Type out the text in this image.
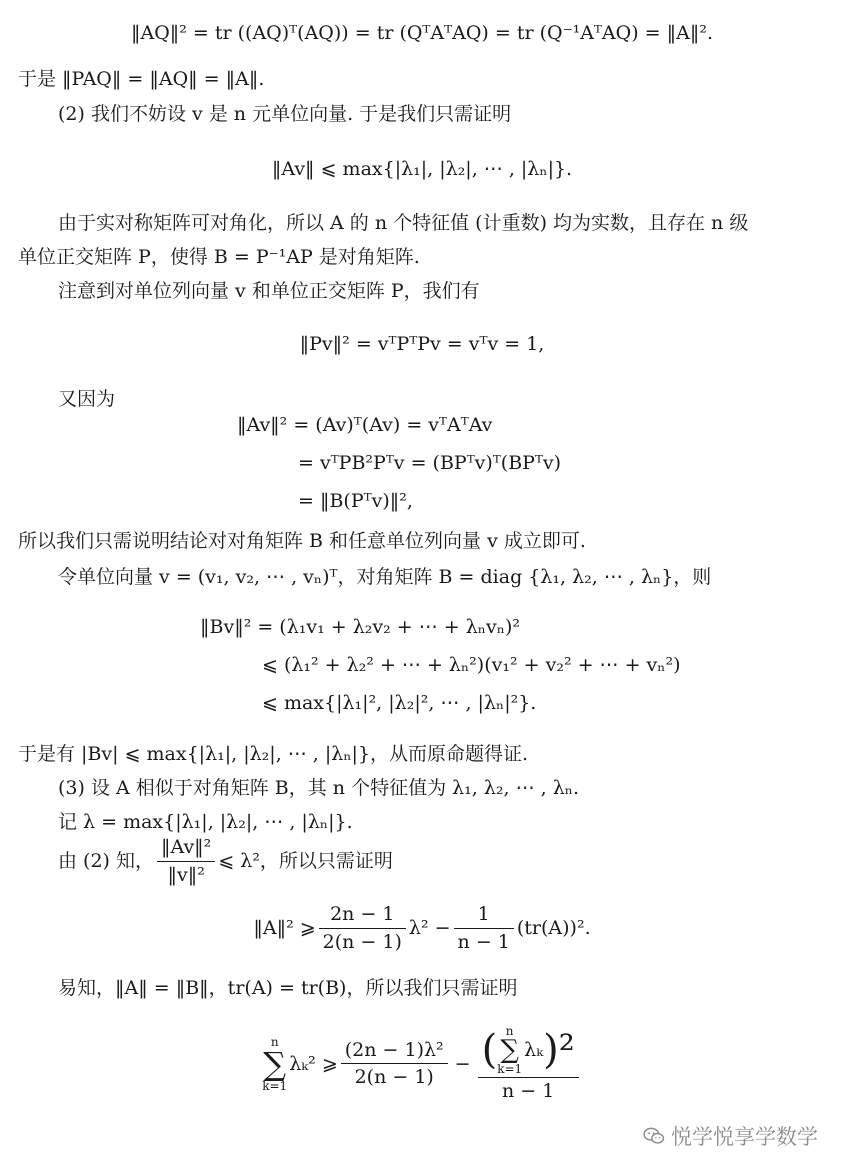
‖AQ‖² = tr ((AQ)ᵀ(AQ)) = tr (QᵀAᵀAQ) = tr (Q⁻¹AᵀAQ) = ‖A‖².
于是 ‖PAQ‖ = ‖AQ‖ = ‖A‖.
(2) 我们不妨设 v 是 n 元单位向量. 于是我们只需证明
‖Av‖ ⩽ max{|λ₁|, |λ₂|, ⋯ , |λₙ|}.
由于实对称矩阵可对角化，所以 A 的 n 个特征值 (计重数) 均为实数，且存在 n 级
单位正交矩阵 P，使得 B = P⁻¹AP 是对角矩阵.
注意到对单位列向量 v 和单位正交矩阵 P，我们有
‖Pv‖² = vᵀPᵀPv = vᵀv = 1,
又因为
‖Av‖² = (Av)ᵀ(Av) = vᵀAᵀAv
= vᵀPB²Pᵀv = (BPᵀv)ᵀ(BPᵀv)
= ‖B(Pᵀv)‖²,
所以我们只需说明结论对对角矩阵 B 和任意单位列向量 v 成立即可.
令单位向量 v = (v₁, v₂, ⋯ , vₙ)ᵀ，对角矩阵 B = diag {λ₁, λ₂, ⋯ , λₙ}，则
‖Bv‖² = (λ₁v₁ + λ₂v₂ + ⋯ + λₙvₙ)²
⩽ (λ₁² + λ₂² + ⋯ + λₙ²)(v₁² + v₂² + ⋯ + vₙ²)
⩽ max{|λ₁|², |λ₂|², ⋯ , |λₙ|²}.
于是有 |Bv| ⩽ max{|λ₁|, |λ₂|, ⋯ , |λₙ|}，从而原命题得证.
(3) 设 A 相似于对角矩阵 B，其 n 个特征值为 λ₁, λ₂, ⋯ , λₙ.
记 λ = max{|λ₁|, |λ₂|, ⋯ , |λₙ|}.
由 (2) 知， $\frac{\text{‖Av‖²}}{\text{‖v‖²}}$ ⩽ λ²，所以只需证明
‖A‖² ⩾ $\frac{2n - 1}{2(n - 1)} \lambda^2 - \frac{1}{n - 1} (tr(A))^2$.
易知，‖A‖ = ‖B‖，tr(A) = tr(B)，所以我们只需证明
n
∑
k=1
λₖ² ⩾ $\frac{\text{(2n − 1)λ²}}{2(n - 1)}$ − ( n
∑
k=1
λₖ )²
n − 1
悦学悦享学数学
